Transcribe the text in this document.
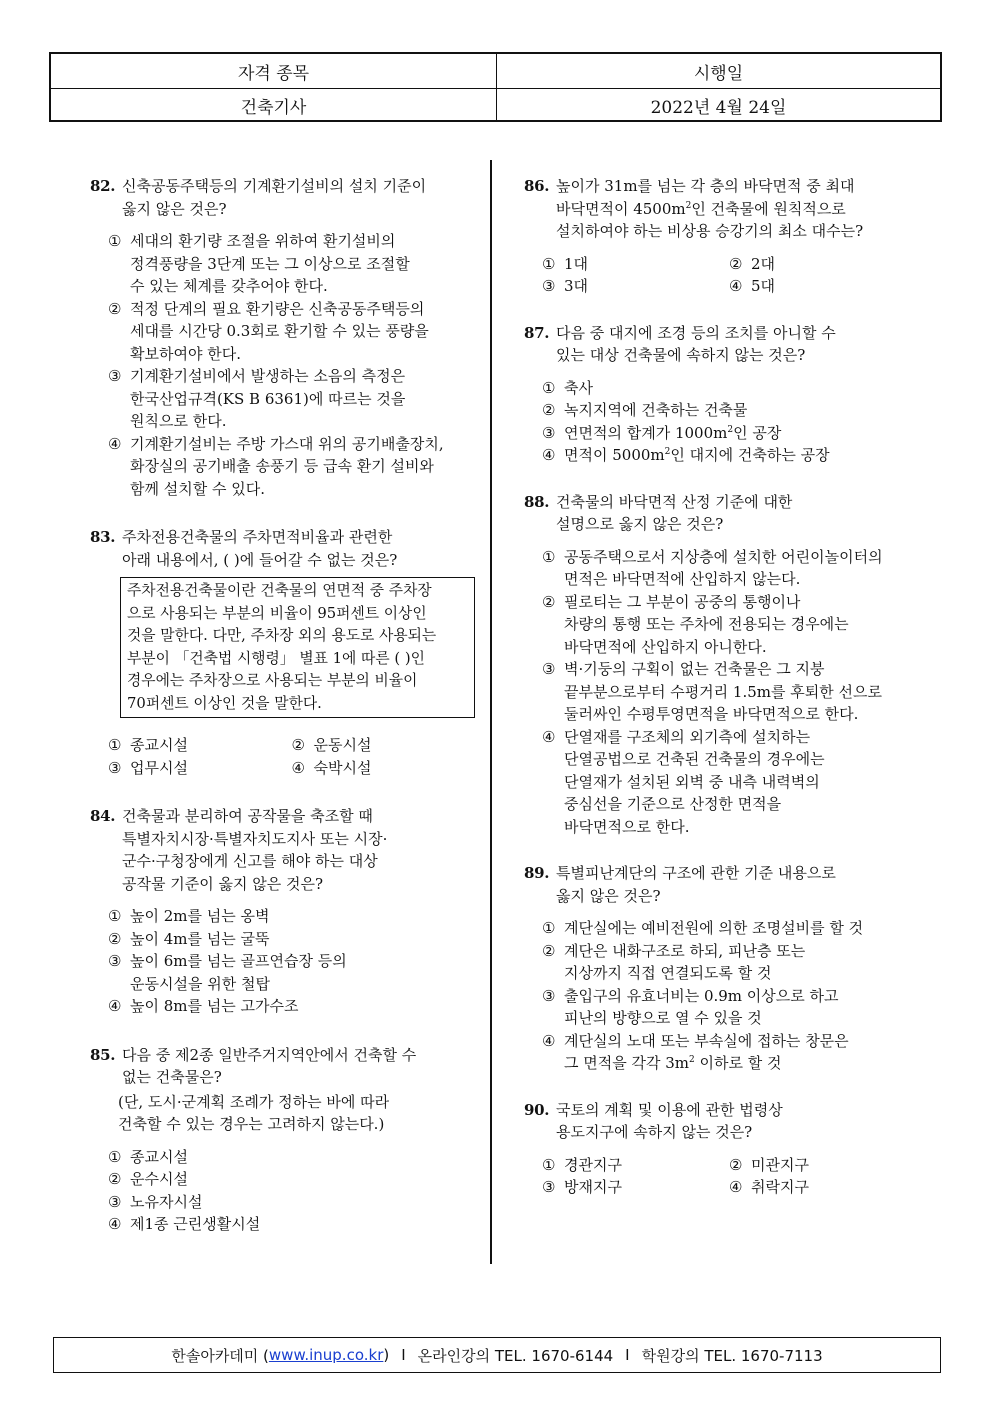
자격 종목	시행일
건축기사	2022년 4월 24일
82. 신축공동주택등의 기계환기설비의 설치 기준이
옳지 않은 것은?
① 세대의 환기량 조절을 위하여 환기설비의
정격풍량을 3단계 또는 그 이상으로 조절할
수 있는 체계를 갖추어야 한다.
② 적정 단계의 필요 환기량은 신축공동주택등의
세대를 시간당 0.3회로 환기할 수 있는 풍량을
확보하여야 한다.
③ 기계환기설비에서 발생하는 소음의 측정은
한국산업규격(KS B 6361)에 따르는 것을
원칙으로 한다.
④ 기계환기설비는 주방 가스대 위의 공기배출장치,
화장실의 공기배출 송풍기 등 급속 환기 설비와
함께 설치할 수 있다.
83. 주차전용건축물의 주차면적비율과 관련한
아래 내용에서, ( )에 들어갈 수 없는 것은?
주차전용건축물이란 건축물의 연면적 중 주차장
으로 사용되는 부분의 비율이 95퍼센트 이상인
것을 말한다. 다만, 주차장 외의 용도로 사용되는
부분이 「건축법 시행령」 별표 1에 따른 ( )인
경우에는 주차장으로 사용되는 부분의 비율이
70퍼센트 이상인 것을 말한다.
① 종교시설	② 운동시설
③ 업무시설	④ 숙박시설
84. 건축물과 분리하여 공작물을 축조할 때
특별자치시장·특별자치도지사 또는 시장·
군수·구청장에게 신고를 해야 하는 대상
공작물 기준이 옳지 않은 것은?
① 높이 2m를 넘는 옹벽
② 높이 4m를 넘는 굴뚝
③ 높이 6m를 넘는 골프연습장 등의
운동시설을 위한 철탑
④ 높이 8m를 넘는 고가수조
85. 다음 중 제2종 일반주거지역안에서 건축할 수
없는 건축물은?
(단, 도시·군계획 조례가 정하는 바에 따라
건축할 수 있는 경우는 고려하지 않는다.)
① 종교시설
② 운수시설
③ 노유자시설
④ 제1종 근린생활시설
86. 높이가 31m를 넘는 각 층의 바닥면적 중 최대
바닥면적이 $4500m^2$인 건축물에 원칙적으로
설치하여야 하는 비상용 승강기의 최소 대수는?
① 1대	② 2대
③ 3대	④ 5대
87. 다음 중 대지에 조경 등의 조치를 아니할 수
있는 대상 건축물에 속하지 않는 것은?
① 축사
② 녹지지역에 건축하는 건축물
③ 연면적의 합계가 $1000m^2$인 공장
④ 면적이 $5000m^2$인 대지에 건축하는 공장
88. 건축물의 바닥면적 산정 기준에 대한
설명으로 옳지 않은 것은?
① 공동주택으로서 지상층에 설치한 어린이놀이터의
면적은 바닥면적에 산입하지 않는다.
② 필로티는 그 부분이 공중의 통행이나
차량의 통행 또는 주차에 전용되는 경우에는
바닥면적에 산입하지 아니한다.
③ 벽·기둥의 구획이 없는 건축물은 그 지붕
끝부분으로부터 수평거리 1.5m를 후퇴한 선으로
둘러싸인 수평투영면적을 바닥면적으로 한다.
④ 단열재를 구조체의 외기측에 설치하는
단열공법으로 건축된 건축물의 경우에는
단열재가 설치된 외벽 중 내측 내력벽의
중심선을 기준으로 산정한 면적을
바닥면적으로 한다.
89. 특별피난계단의 구조에 관한 기준 내용으로
옳지 않은 것은?
① 계단실에는 예비전원에 의한 조명설비를 할 것
② 계단은 내화구조로 하되, 피난층 또는
지상까지 직접 연결되도록 할 것
③ 출입구의 유효너비는 0.9m 이상으로 하고
피난의 방향으로 열 수 있을 것
④ 계단실의 노대 또는 부속실에 접하는 창문은
그 면적을 각각 $3m^2$ 이하로 할 것
90. 국토의 계획 및 이용에 관한 법령상
용도지구에 속하지 않는 것은?
① 경관지구	② 미관지구
③ 방재지구	④ 취락지구
한솔아카데미 ( www.inup.co.kr ) I 온라인강의 TEL. 1670-6144 I 학원강의 TEL. 1670-7113
